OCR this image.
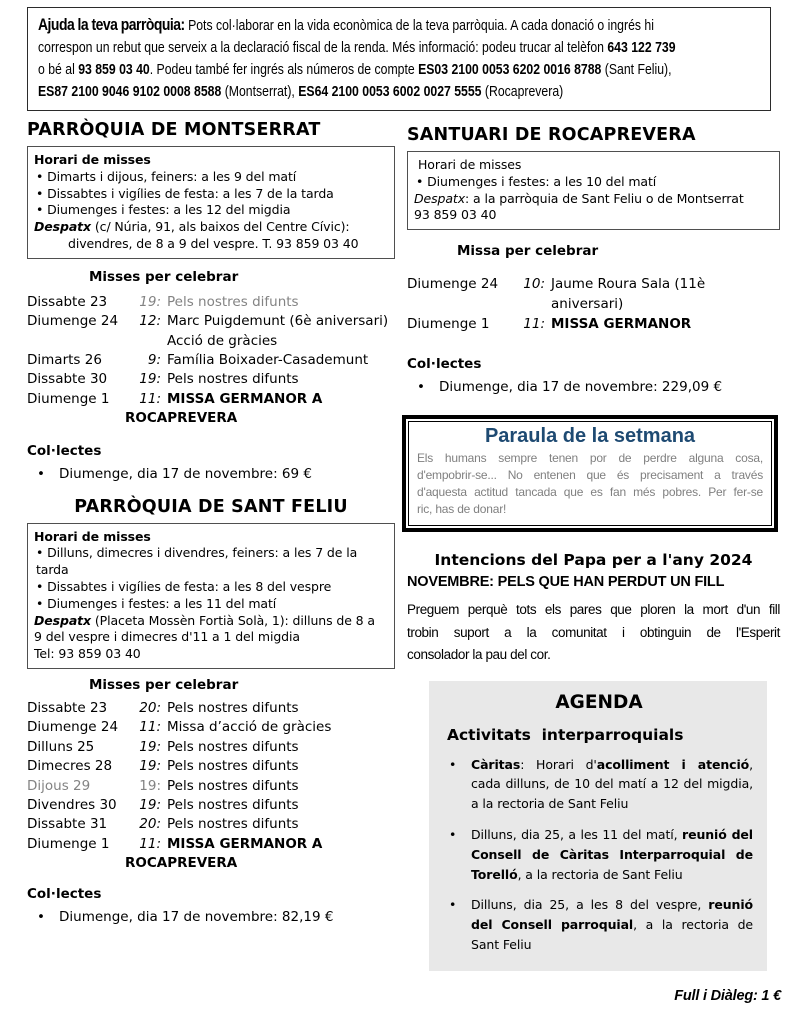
Ajuda la teva parròquia: Pots col·laborar en la vida econòmica de la teva parròquia. A cada donació o ingrés hi
correspon un rebut que serveix a la declaració fiscal de la renda. Més informació: podeu trucar al telèfon 643 122 739
o bé al 93 859 03 40. Podeu també fer ingrés als números de compte ES03 2100 0053 6202 0016 8788 (Sant Feliu),
ES87 2100 9046 9102 0008 8588 (Montserrat), ES64 2100 0053 6002 0027 5555 (Rocaprevera)
PARRÒQUIA DE MONTSERRAT
Horari de misses
• Dimarts i dijous, feiners: a les 9 del matí
• Dissabtes i vigílies de festa: a les 7 de la tarda
• Diumenges i festes: a les 12 del migdia
Despatx (c/ Núria, 91, als baixos del Centre Cívic):
divendres, de 8 a 9 del vespre. T. 93 859 03 40
Misses per celebrar
Dissabte 23	19: Pels nostres difunts
Diumenge 24	12: Marc Puigdemunt (6è aniversari)
Acció de gràcies
Dimarts 26	9: Família Boixader-Casademunt
Dissabte 30	19: Pels nostres difunts
Diumenge 1	11: MISSA GERMANOR A
ROCAPREVERA
Col·lectes
•	Diumenge, dia 17 de novembre: 69 €
PARRÒQUIA DE SANT FELIU
Horari de misses
• Dilluns, dimecres i divendres, feiners: a les 7 de la tarda
• Dissabtes i vigílies de festa: a les 8 del vespre
• Diumenges i festes: a les 11 del matí
Despatx (Placeta Mossèn Fortià Solà, 1): dilluns de 8 a
9 del vespre i dimecres d'11 a 1 del migdia
Tel: 93 859 03 40
Misses per celebrar
Dissabte 23	20: Pels nostres difunts
Diumenge 24	11: Missa d’acció de gràcies
Dilluns 25	19: Pels nostres difunts
Dimecres 28	19: Pels nostres difunts
Dijous 29	19: Pels nostres difunts
Divendres 30	19: Pels nostres difunts
Dissabte 31	20: Pels nostres difunts
Diumenge 1	11: MISSA GERMANOR A
ROCAPREVERA
Col·lectes
•	Diumenge, dia 17 de novembre: 82,19 €
SANTUARI DE ROCAPREVERA
Horari de misses
• Diumenges i festes: a les 10 del matí
Despatx: a la parròquia de Sant Feliu o de Montserrat
93 859 03 40
Missa per celebrar
Diumenge 24	10: Jaume Roura Sala (11è aniversari)
Diumenge 1	11: MISSA GERMANOR
Col·lectes
•	Diumenge, dia 17 de novembre: 229,09 €
Paraula de la setmana
Els humans sempre tenen por de perdre alguna cosa,
d'empobrir-se... No entenen que és precisament a través
d'aquesta actitud tancada que es fan més pobres. Per fer-se
ric, has de donar!
Intencions del Papa per a l'any 2024
NOVEMBRE: PELS QUE HAN PERDUT UN FILL
Preguem perquè tots els pares que ploren la mort d'un fill
trobin suport a la comunitat i obtinguin de l'Esperit
consolador la pau del cor.
AGENDA
Activitats  interparroquials
•	Càritas: Horari d'acolliment i atenció,
cada dilluns, de 10 del matí a 12 del migdia,
a la rectoria de Sant Feliu
•	Dilluns, dia 25, a les 11 del matí, reunió del
Consell de Càritas Interparroquial de
Torelló, a la rectoria de Sant Feliu
•	Dilluns, dia 25, a les 8 del vespre, reunió
del Consell parroquial, a la rectoria de
Sant Feliu
Full i Diàleg: 1 €
